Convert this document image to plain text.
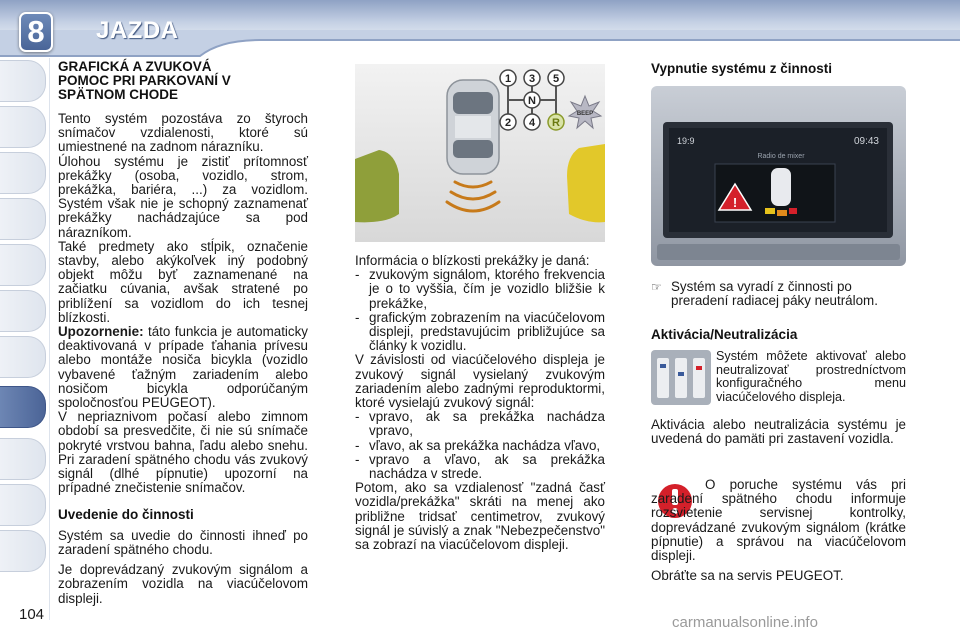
8	JAZDA
GRAFICKÁ A ZVUKOVÁ
POMOC PRI PARKOVANÍ V
SPÄTNOM CHODE

Tento systém pozostáva zo štyroch snímačov vzdialenosti, ktoré sú umiestnené na zadnom nárazníku.

Úlohou systému je zistiť prítomnosť prekážky (osoba, vozidlo, strom, prekážka, bariéra, ...) za vozidlom. Systém však nie je schopný zaznamenať prekážky nachádzajúce sa pod nárazníkom.

Také predmety ako stĺpik, označenie stavby, alebo akýkoľvek iný podobný objekt môžu byť zaznamenané na začiatku cúvania, avšak stratené po priblížení sa vozidlom do ich tesnej blízkosti.

Upozornenie: táto funkcia je automaticky deaktivovaná v prípade ťahania prívesu alebo montáže nosiča bicykla (vozidlo vybavené ťažným zariadením alebo nosičom bicykla odporúčaným spoločnosťou PEUGEOT).

V nepriaznivom počasí alebo zimnom období sa presvedčite, či nie sú snímače pokryté vrstvou bahna, ľadu alebo snehu. Pri zaradení spätného chodu vás zvukový signál (dlhé pípnutie) upozorní na prípadné znečistenie snímačov.

Uvedenie do činnosti

Systém sa uvedie do činnosti ihneď po zaradení spätného chodu.

Je doprevádzaný zvukovým signálom a zobrazením vozidla na viacúčelovom displeji.

1 3 5
N
2 4 R
BEEP

Informácia o blízkosti prekážky je daná:

- zvukovým signálom, ktorého frekvencia je o to vyššia, čím je vozidlo bližšie k prekážke,
- grafickým zobrazením na viacúčelovom displeji, predstavujúcim približujúce sa články k vozidlu.

V závislosti od viacúčelového displeja je zvukový signál vysielaný zvukovým zariadením alebo zadnými reproduktormi, ktoré vysielajú zvukový signál:

- vpravo, ak sa prekážka nachádza vpravo,
- vľavo, ak sa prekážka nachádza vľavo,
- vpravo a vľavo, ak sa prekážka nachádza v strede.

Potom, ako sa vzdialenosť "zadná časť vozidla/prekážka" skráti na menej ako približne tridsať centimetrov, zvukový signál je súvislý a znak "Nebezpečenstvo" sa zobrazí na viacúčelovom displeji.

Vypnutie systému z činnosti
19:9	09:43
Radio de mixer
!
☞ Systém sa vyradí z činnosti po preradení radiacej páky neutrálom.
Aktivácia/Neutralizácia

Systém môžete aktivovať alebo neutralizovať prostredníctvom konfiguračného menu viacúčelového displeja.

Aktivácia alebo neutralizácia systému je uvedená do pamäti pri zastavení vozidla.

O poruche systému vás pri zaradení spätného chodu informuje rozsvietenie servisnej kontrolky, doprevádzané zvukovým signálom (krátke pípnutie) a správou na viacúčelovom displeji.

Obráťte sa na servis PEUGEOT.

104	carmanualsonline.info
